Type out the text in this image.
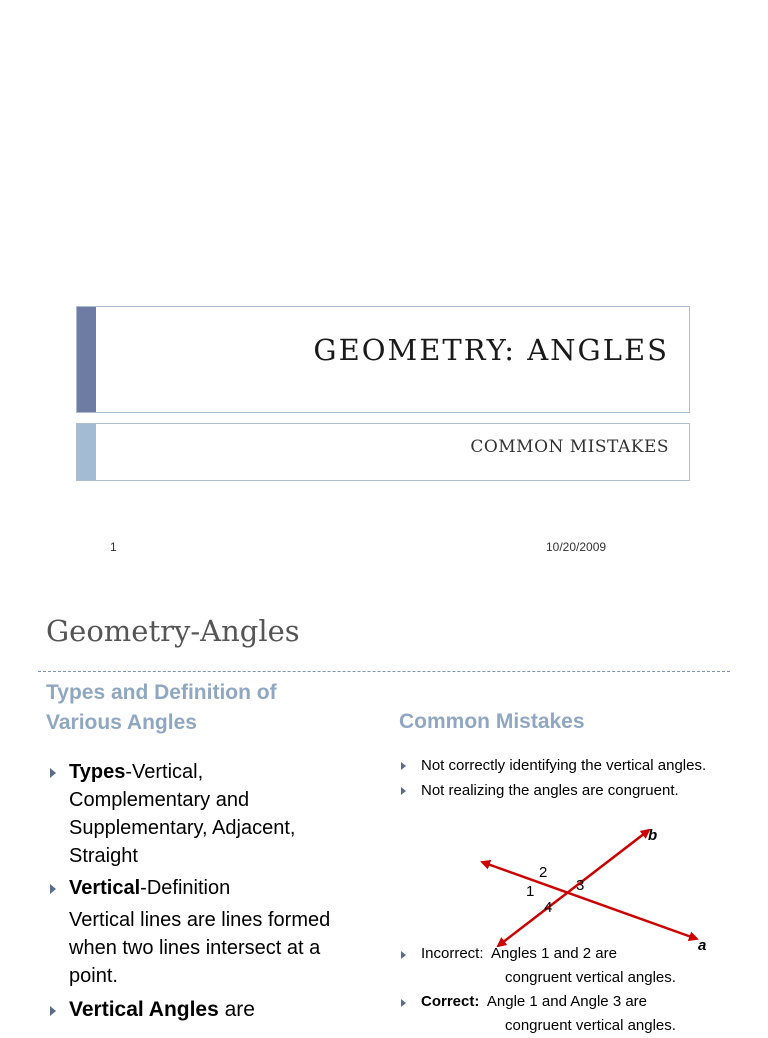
GEOMETRY: ANGLES
COMMON MISTAKES
1	10/20/2009
Geometry-Angles
Types and Definition of Various Angles	Common Mistakes
Types-Vertical, Complementary and Supplementary, Adjacent, Straight
Vertical-Definition
Vertical lines are lines formed when two lines intersect at a point.
Vertical Angles are
Not correctly identifying the vertical angles.
Not realizing the angles are congruent.
2
1	3
4
b
a
Incorrect: Angles 1 and 2 are
congruent vertical angles.
Correct: Angle 1 and Angle 3 are
congruent vertical angles.
